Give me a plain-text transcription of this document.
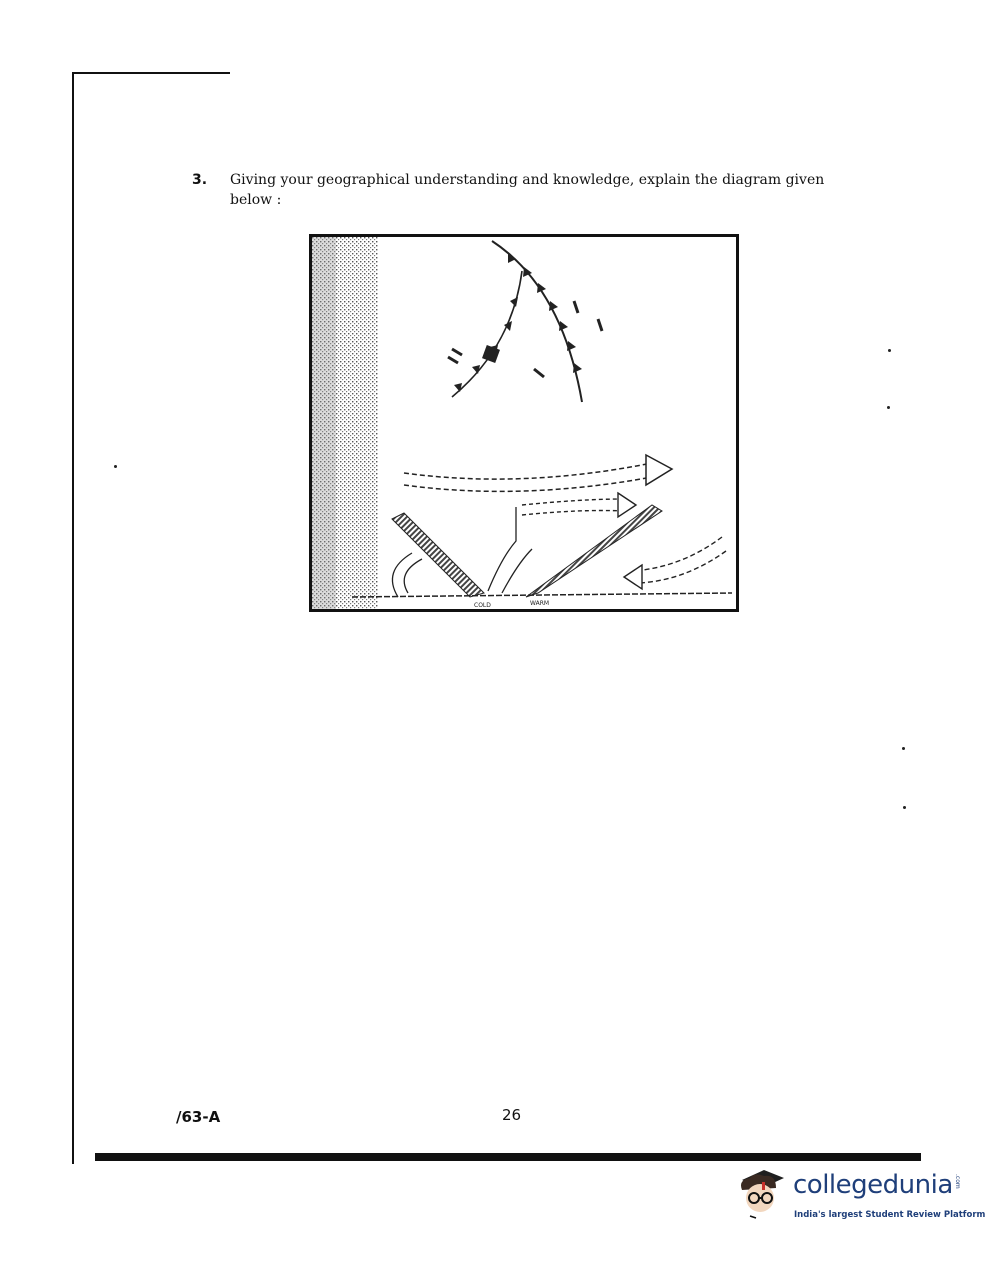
3. Giving your geographical understanding and knowledge, explain the diagram given
below :
COLD	WARM
/63-A	26
collegedunia .com
India's largest Student Review Platform
